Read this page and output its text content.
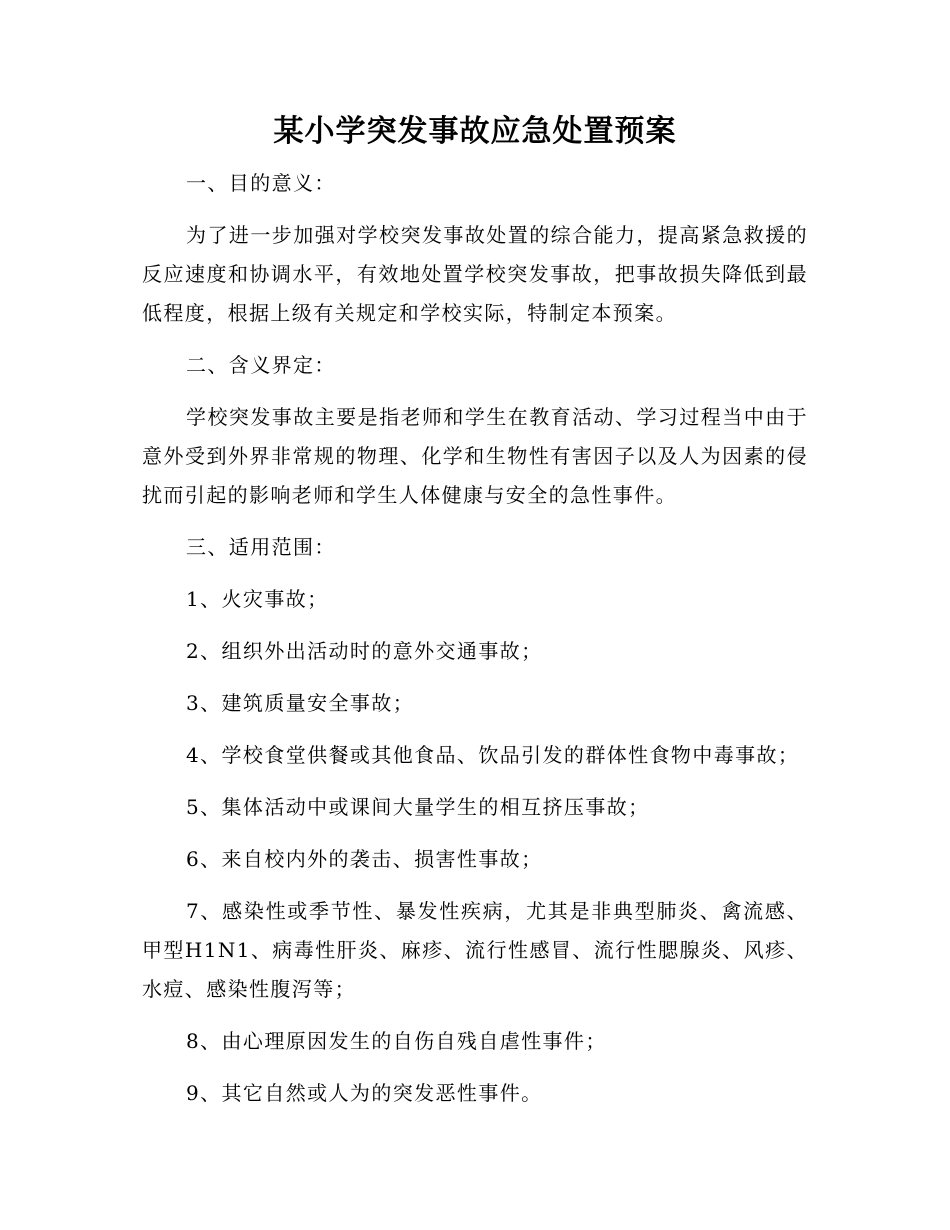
某小学突发事故应急处置预案

一、目的意义：

为了进一步加强对学校突发事故处置的综合能力，提高紧急救援的反应速度和协调水平，有效地处置学校突发事故，把事故损失降低到最低程度，根据上级有关规定和学校实际，特制定本预案。

二、含义界定：

学校突发事故主要是指老师和学生在教育活动、学习过程当中由于意外受到外界非常规的物理、化学和生物性有害因子以及人为因素的侵扰而引起的影响老师和学生人体健康与安全的急性事件。

三、适用范围：

1、火灾事故；

2、组织外出活动时的意外交通事故；

3、建筑质量安全事故；

4、学校食堂供餐或其他食品、饮品引发的群体性食物中毒事故；

5、集体活动中或课间大量学生的相互挤压事故；

6、来自校内外的袭击、损害性事故；

7、感染性或季节性、暴发性疾病，尤其是非典型肺炎、禽流感、甲型H1N1、病毒性肝炎、麻疹、流行性感冒、流行性腮腺炎、风疹、水痘、感染性腹泻等；

8、由心理原因发生的自伤自残自虐性事件；

9、其它自然或人为的突发恶性事件。
